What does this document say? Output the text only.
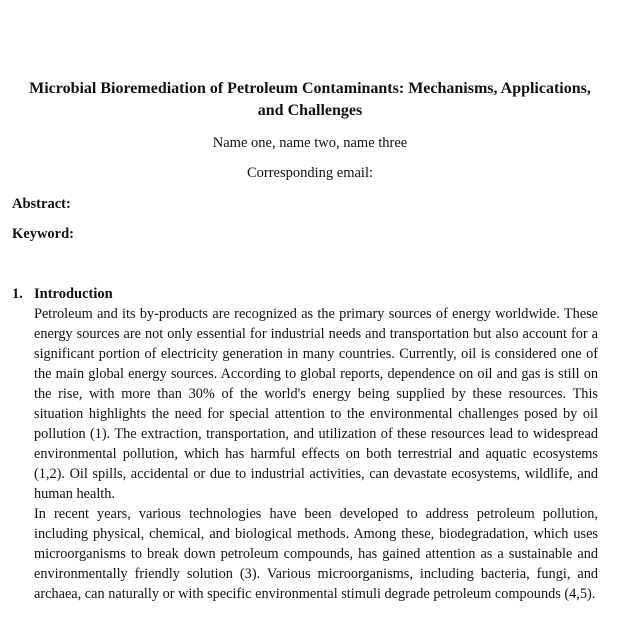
Microbial Bioremediation of Petroleum Contaminants: Mechanisms, Applications, and Challenges
Name one, name two, name three
Corresponding email:
Abstract:
Keyword:
1. Introduction

Petroleum and its by-products are recognized as the primary sources of energy worldwide. These energy sources are not only essential for industrial needs and transportation but also account for a significant portion of electricity generation in many countries. Currently, oil is considered one of the main global energy sources. According to global reports, dependence on oil and gas is still on the rise, with more than 30% of the world's energy being supplied by these resources. This situation highlights the need for special attention to the environmental challenges posed by oil pollution (1). The extraction, transportation, and utilization of these resources lead to widespread environmental pollution, which has harmful effects on both terrestrial and aquatic ecosystems (1,2). Oil spills, accidental or due to industrial activities, can devastate ecosystems, wildlife, and human health.

In recent years, various technologies have been developed to address petroleum pollution, including physical, chemical, and biological methods. Among these, biodegradation, which uses microorganisms to break down petroleum compounds, has gained attention as a sustainable and environmentally friendly solution (3). Various microorganisms, including bacteria, fungi, and archaea, can naturally or with specific environmental stimuli degrade petroleum compounds (4,5).
